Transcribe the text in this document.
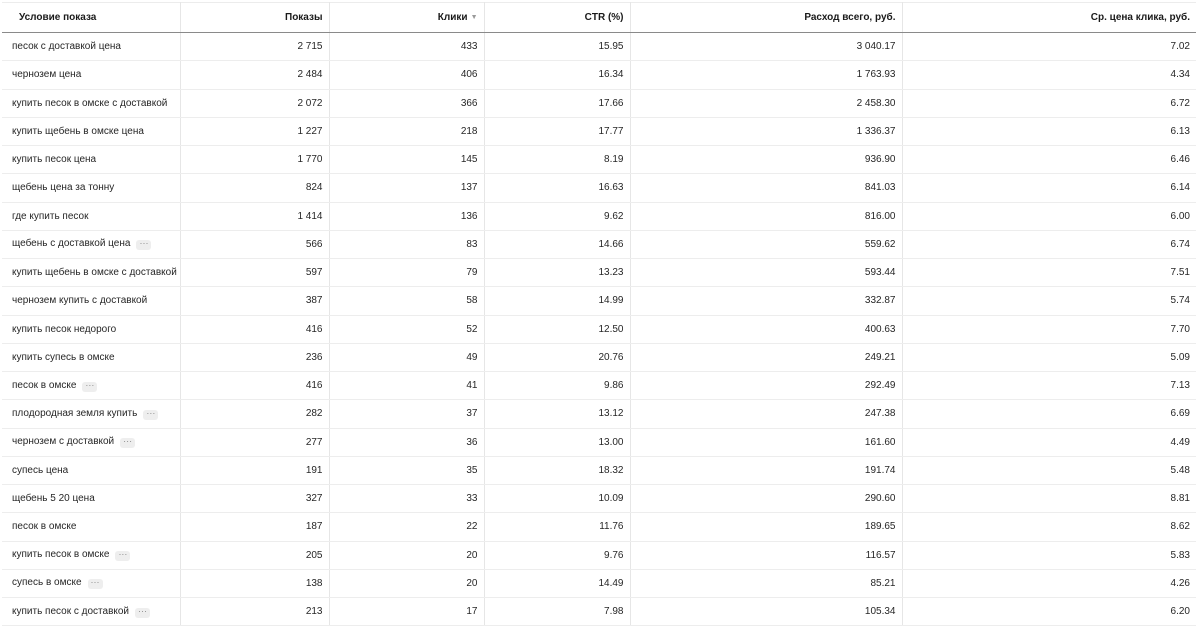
Условие показа	Показы	Клики ▼	CTR (%)	Расход всего, руб.	Ср. цена клика, руб.
песок с доставкой цена	2 715	433	15.95	3 040.17	7.02
чернозем цена	2 484	406	16.34	1 763.93	4.34
купить песок в омске с доставкой	2 072	366	17.66	2 458.30	6.72
купить щебень в омске цена	1 227	218	17.77	1 336.37	6.13
купить песок цена	1 770	145	8.19	936.90	6.46
щебень цена за тонну	824	137	16.63	841.03	6.14
где купить песок	1 414	136	9.62	816.00	6.00
щебень с доставкой цена ···	566	83	14.66	559.62	6.74
купить щебень в омске с доставкой	597	79	13.23	593.44	7.51
чернозем купить с доставкой	387	58	14.99	332.87	5.74
купить песок недорого	416	52	12.50	400.63	7.70
купить супесь в омске	236	49	20.76	249.21	5.09
песок в омске ···	416	41	9.86	292.49	7.13
плодородная земля купить ···	282	37	13.12	247.38	6.69
чернозем с доставкой ···	277	36	13.00	161.60	4.49
супесь цена	191	35	18.32	191.74	5.48
щебень 5 20 цена	327	33	10.09	290.60	8.81
песок в омске	187	22	11.76	189.65	8.62
купить песок в омске ···	205	20	9.76	116.57	5.83
супесь в омске ···	138	20	14.49	85.21	4.26
купить песок с доставкой ···	213	17	7.98	105.34	6.20
